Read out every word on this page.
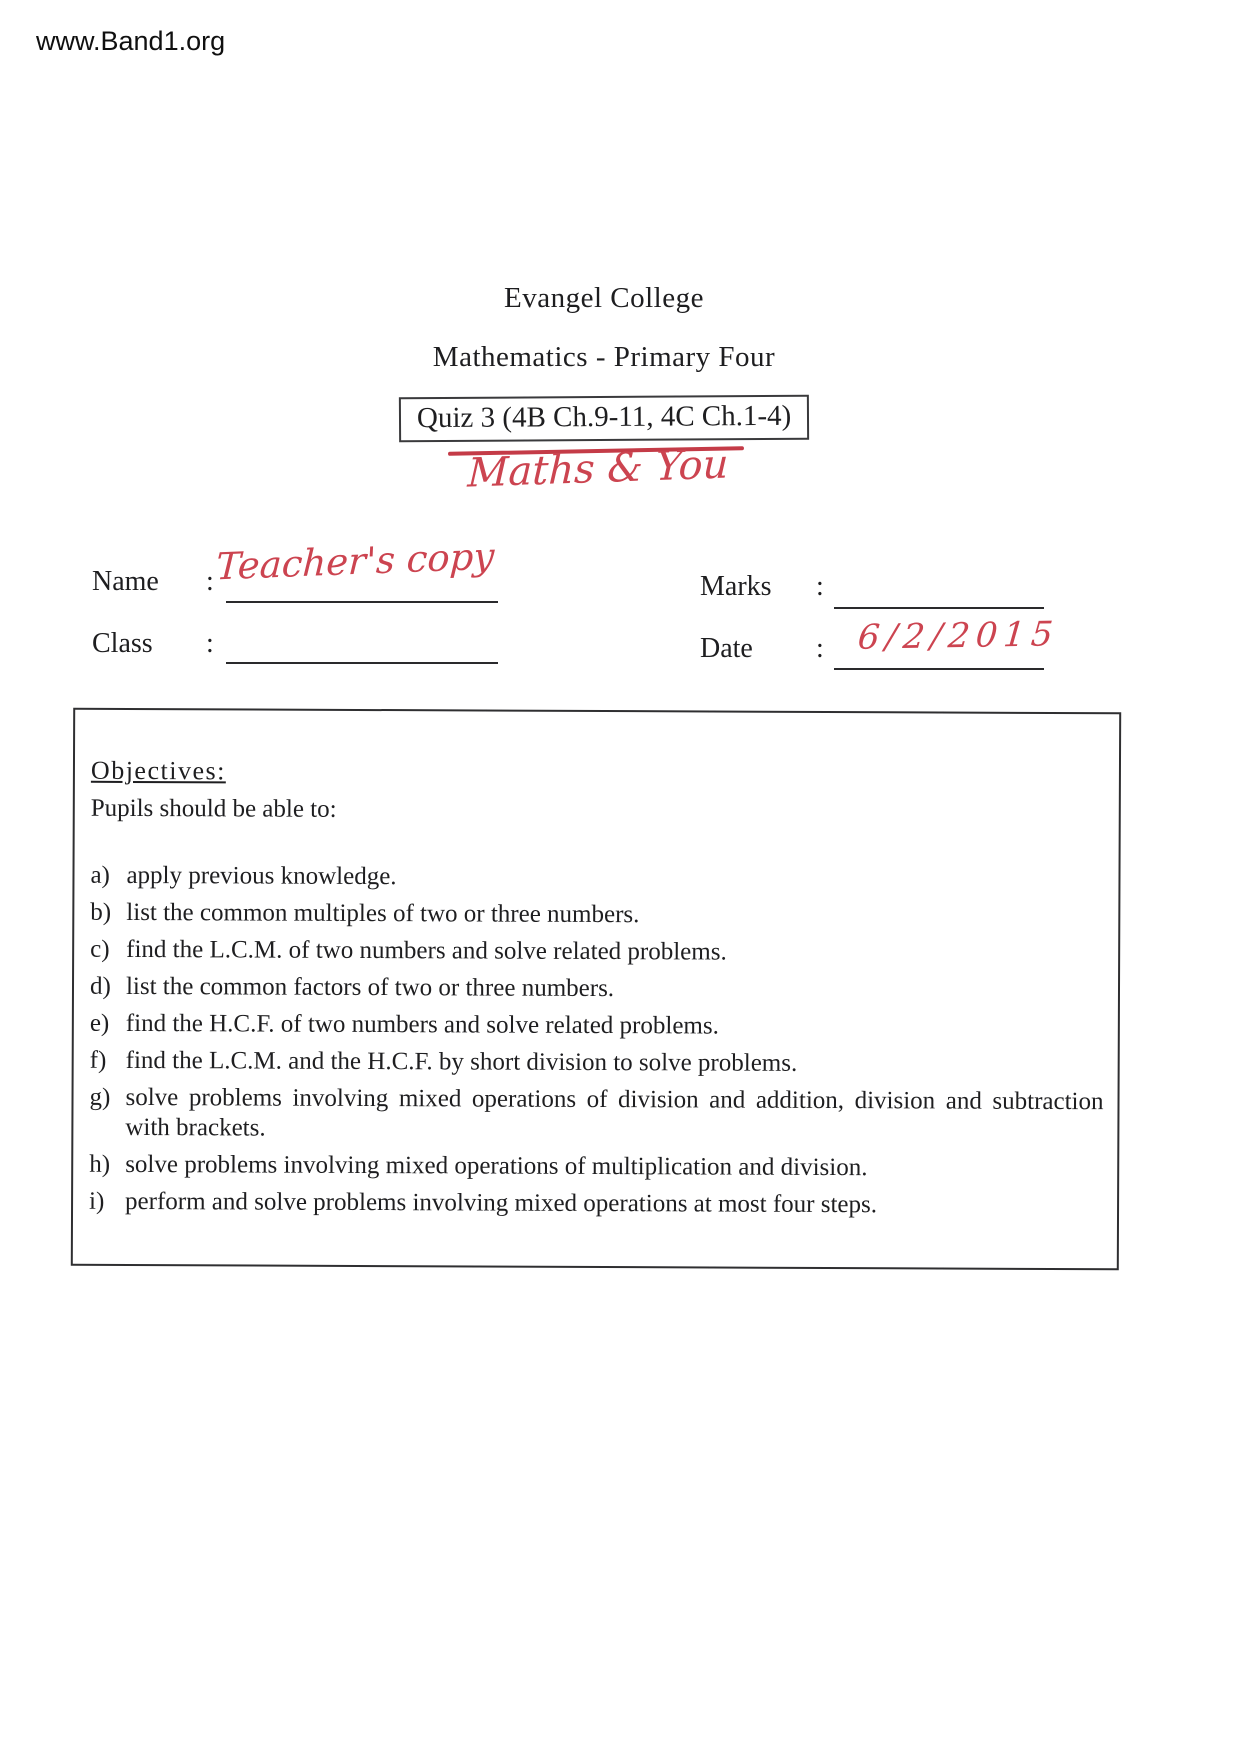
www.Band1.org
Evangel College
Mathematics - Primary Four
Quiz 3 (4B Ch.9-11, 4C Ch.1-4)
Maths & You
Name : Teacher's copy
Class :
Marks :
Date : 6/2/2015
Objectives:
Pupils should be able to:
a) apply previous knowledge.
b) list the common multiples of two or three numbers.
c) find the L.C.M. of two numbers and solve related problems.
d) list the common factors of two or three numbers.
e) find the H.C.F. of two numbers and solve related problems.
f) find the L.C.M. and the H.C.F. by short division to solve problems.
g) solve problems involving mixed operations of division and addition, division and subtraction with brackets.
h) solve problems involving mixed operations of multiplication and division.
i) perform and solve problems involving mixed operations at most four steps.
